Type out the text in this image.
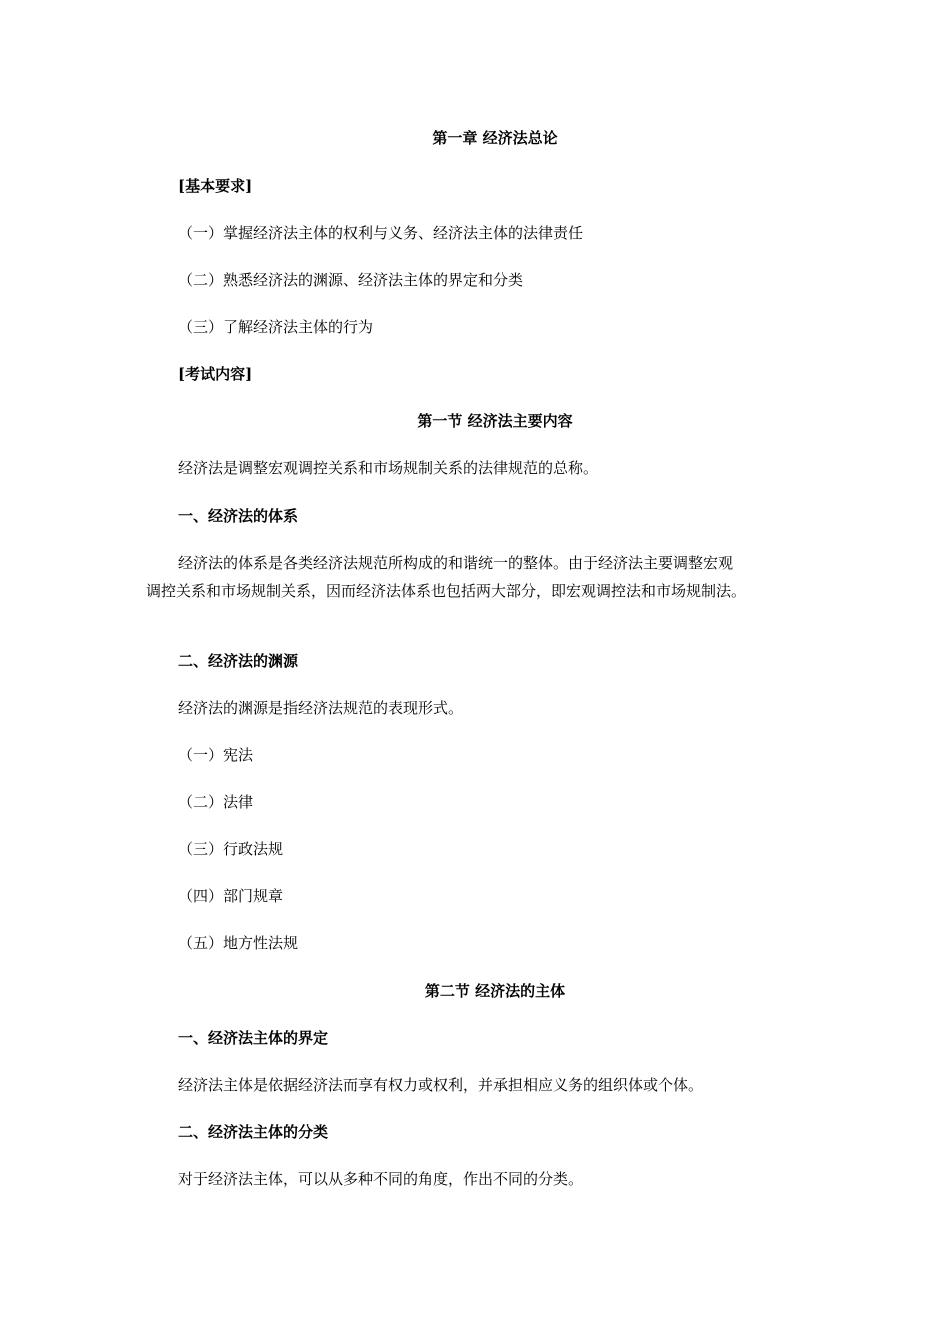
第一章 经济法总论
[基本要求]
（一）掌握经济法主体的权利与义务、经济法主体的法律责任
（二）熟悉经济法的渊源、经济法主体的界定和分类
（三）了解经济法主体的行为
[考试内容]
第一节 经济法主要内容
经济法是调整宏观调控关系和市场规制关系的法律规范的总称。
一、经济法的体系
经济法的体系是各类经济法规范所构成的和谐统一的整体。由于经济法主要调整宏观
调控关系和市场规制关系，因而经济法体系也包括两大部分，即宏观调控法和市场规制法。
二、经济法的渊源
经济法的渊源是指经济法规范的表现形式。
（一）宪法
（二）法律
（三）行政法规
（四）部门规章
（五）地方性法规
第二节 经济法的主体
一、经济法主体的界定
经济法主体是依据经济法而享有权力或权利，并承担相应义务的组织体或个体。
二、经济法主体的分类
对于经济法主体，可以从多种不同的角度，作出不同的分类。
